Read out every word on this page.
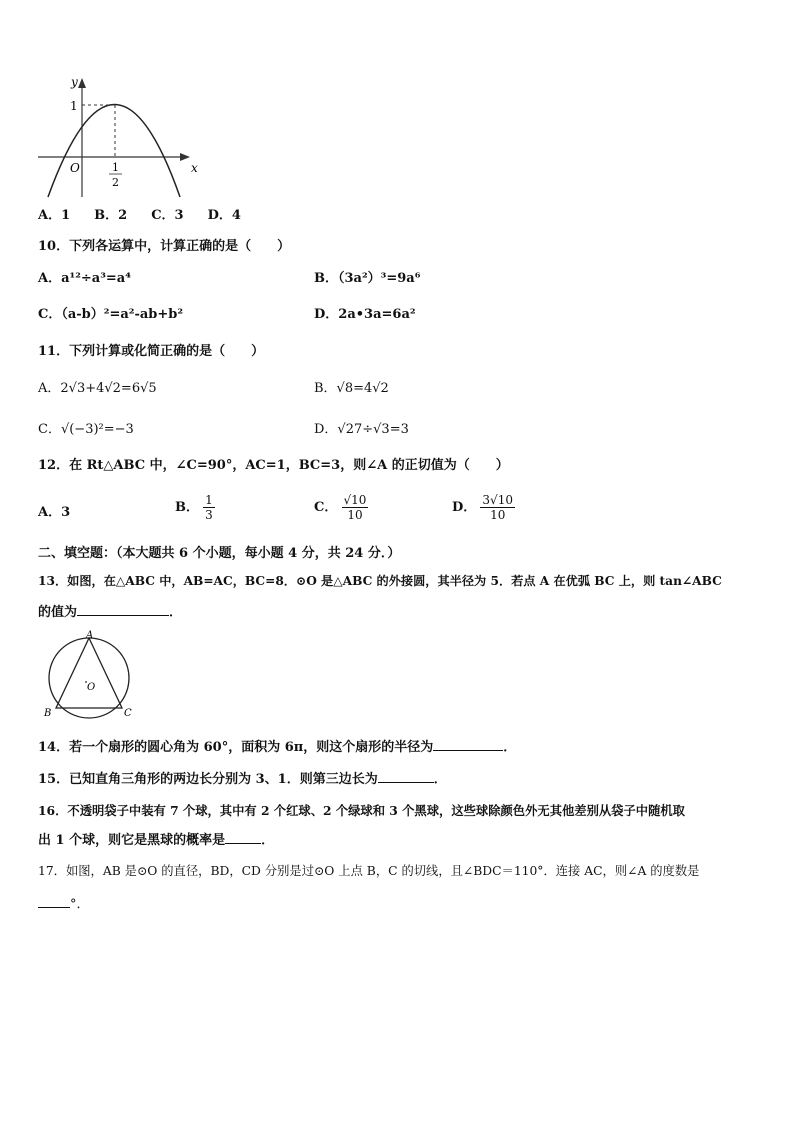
y
x
O
1
1
2
A．1 B．2 C．3 D．4
10．下列各运算中，计算正确的是（　　）
A．a¹²÷a³=a⁴	B．（3a²）³=9a⁶
C．（a-b）²=a²-ab+b²	D．2a•3a=6a²
11．下列计算或化简正确的是（　　）
A．2√3+4√2=6√5	B．√8=4√2
C．√(−3)²=−3	D．√27÷√3=3
12．在 Rt△ABC 中，∠C=90°，AC=1，BC=3，则∠A 的正切值为（　　）
A．3	B． $\frac{1}{3}$	C． $\frac{√10}{10}$	D． $\frac{3√10}{10}$
二、填空题：（本大题共 6 个小题，每小题 4 分，共 24 分．）
13．如图，在△ABC 中，AB=AC，BC=8．⊙O 是△ABC 的外接圆，其半径为 5．若点 A 在优弧 BC 上，则 tan∠ABC
的值为	．
A
B	C
O
14．若一个扇形的圆心角为 60°，面积为 6π，则这个扇形的半径为	．
15．已知直角三角形的两边长分别为 3、1．则第三边长为	．
16．不透明袋子中装有 7 个球，其中有 2 个红球、2 个绿球和 3 个黑球，这些球除颜色外无其他差别从袋子中随机取
出 1 个球，则它是黑球的概率是	．
17．如图，AB 是⊙O 的直径，BD，CD 分别是过⊙O 上点 B，C 的切线，且∠BDC＝110°．连接 AC，则∠A 的度数是
°．
